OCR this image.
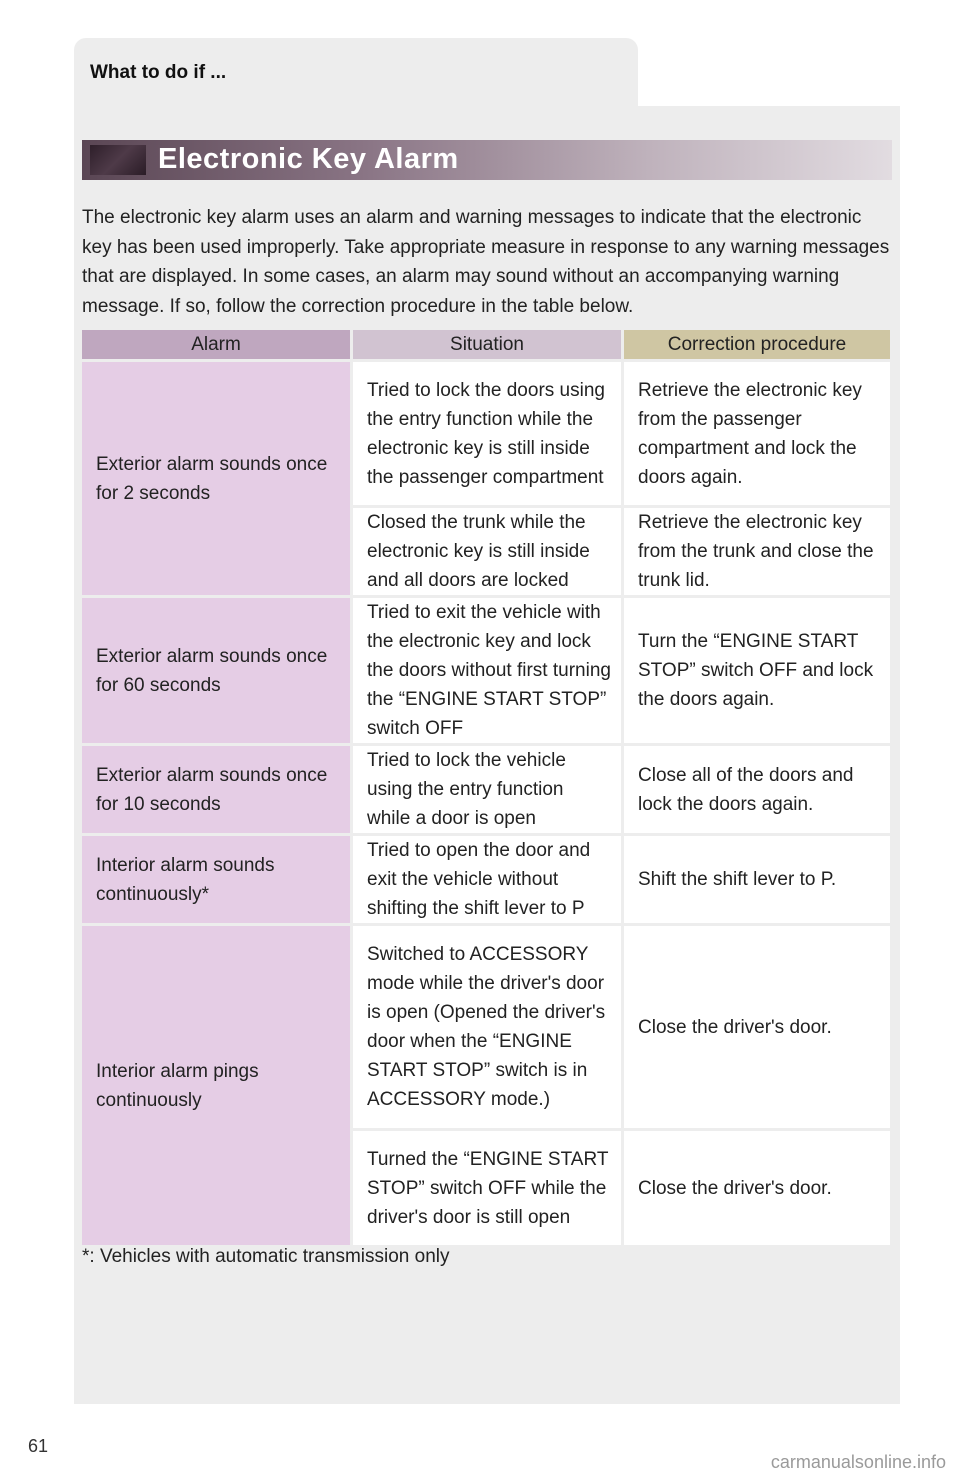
What to do if ...
Electronic Key Alarm
The electronic key alarm uses an alarm and warning messages to indicate that the electronic key has been used improperly. Take appropriate measure in response to any warning messages that are displayed. In some cases, an alarm may sound without an accompanying warning message. If so, follow the correction procedure in the table below.
Alarm	Situation	Correction procedure
Exterior alarm sounds once for 2 seconds	Tried to lock the doors using the entry function while the electronic key is still inside the passenger compartment	Retrieve the electronic key from the passenger compartment and lock the doors again.
	Closed the trunk while the electronic key is still inside and all doors are locked	Retrieve the electronic key from the trunk and close the trunk lid.
Exterior alarm sounds once for 60 seconds	Tried to exit the vehicle with the electronic key and lock the doors without first turning the “ENGINE START STOP” switch OFF	Turn the “ENGINE START STOP” switch OFF and lock the doors again.
Exterior alarm sounds once for 10 seconds	Tried to lock the vehicle using the entry function while a door is open	Close all of the doors and lock the doors again.
Interior alarm sounds continuously*	Tried to open the door and exit the vehicle without shifting the shift lever to P	Shift the shift lever to P.
Interior alarm pings continuously	Switched to ACCESSORY mode while the driver's door is open (Opened the driver's door when the “ENGINE START STOP” switch is in ACCESSORY mode.)	Close the driver's door.
	Turned the “ENGINE START STOP” switch OFF while the driver's door is still open	Close the driver's door.
*: Vehicles with automatic transmission only
61
carmanualsonline.info
